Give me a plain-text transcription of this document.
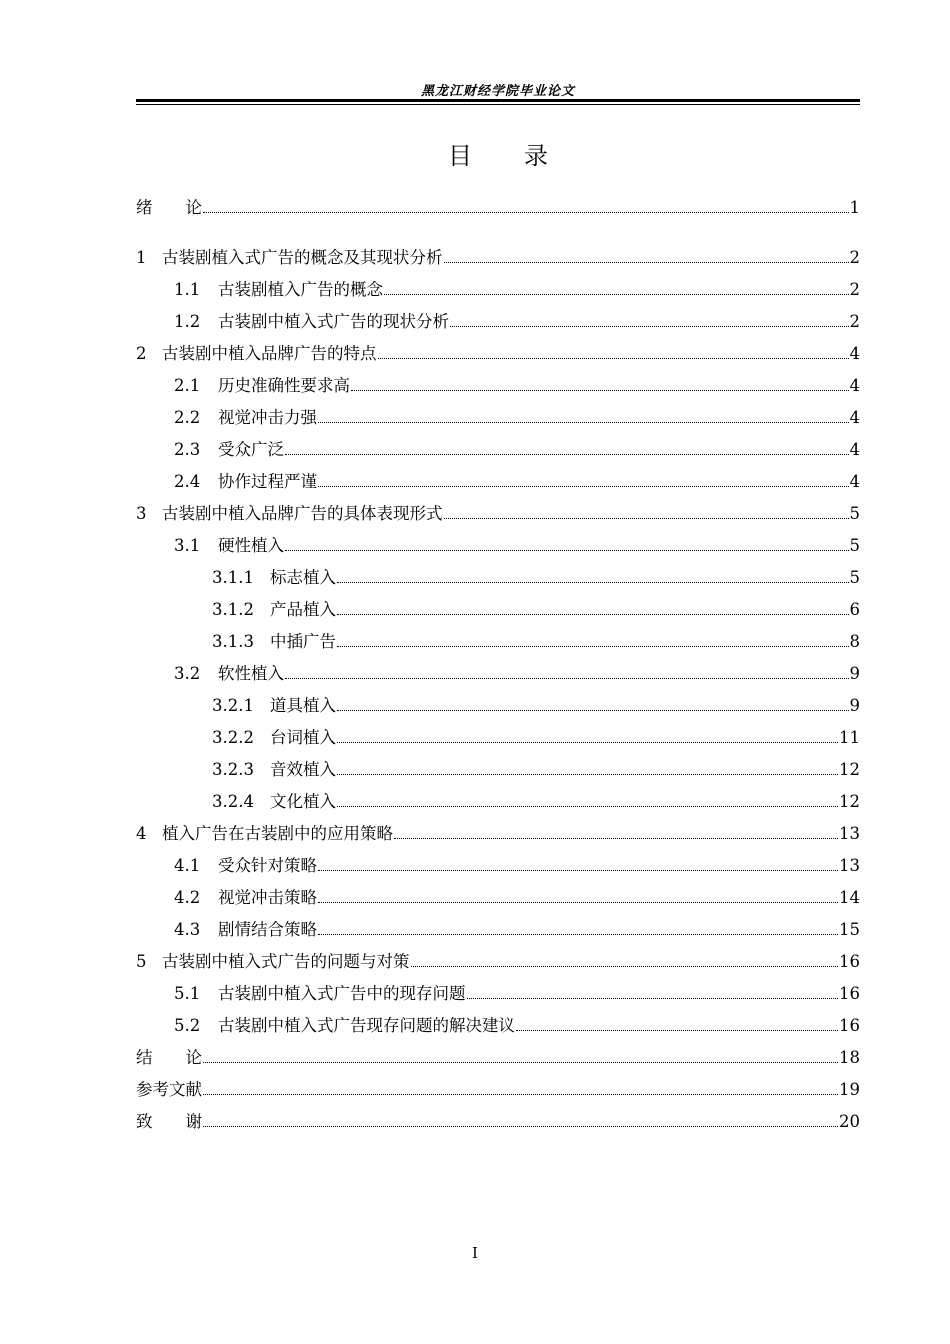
黑龙江财经学院毕业论文
目录
绪　　论	1
1 古装剧植入式广告的概念及其现状分析	2
1.1	古装剧植入广告的概念	2
1.2	古装剧中植入式广告的现状分析	2
2 古装剧中植入品牌广告的特点	4
2.1	历史准确性要求高	4
2.2	视觉冲击力强	4
2.3	受众广泛	4
2.4	协作过程严谨	4
3 古装剧中植入品牌广告的具体表现形式	5
3.1	硬性植入	5
3.1.1 标志植入	5
3.1.2 产品植入	6
3.1.3 中插广告	8
3.2	软性植入	9
3.2.1 道具植入	9
3.2.2 台词植入	11
3.2.3 音效植入	12
3.2.4 文化植入	12
4 植入广告在古装剧中的应用策略	13
4.1	受众针对策略	13
4.2	视觉冲击策略	14
4.3	剧情结合策略	15
5 古装剧中植入式广告的问题与对策	16
5.1	古装剧中植入式广告中的现存问题	16
5.2	古装剧中植入式广告现存问题的解决建议	16
结　　论	18
参考文献	19
致　　谢	20
I
